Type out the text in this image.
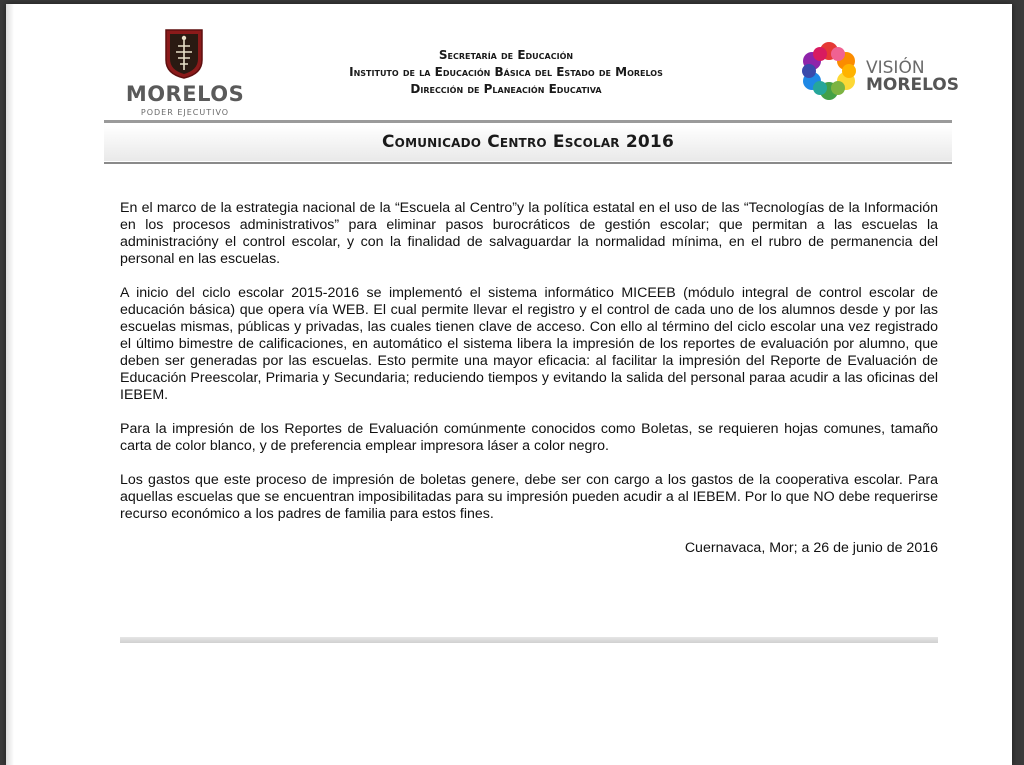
MORELOS
PODER EJECUTIVO
Secretaría de Educación
Instituto de la Educación Básica del Estado de Morelos
Dirección de Planeación Educativa
VISIÓN
MORELOS
Comunicado Centro Escolar 2016

En el marco de la estrategia nacional de la “Escuela al Centro”y la política estatal en el uso de las “Tecnologías de la Información en los procesos administrativos” para eliminar pasos burocráticos de gestión escolar; que permitan a las escuelas la administracióny el control escolar, y con la finalidad de salvaguardar la normalidad mínima, en el rubro de permanencia del personal en las escuelas.

A inicio del ciclo escolar 2015-2016 se implementó el sistema informático MICEEB (módulo integral de control escolar de educación básica) que opera vía WEB. El cual permite llevar el registro y el control de cada uno de los alumnos desde y por las escuelas mismas, públicas y privadas, las cuales tienen clave de acceso. Con ello al término del ciclo escolar una vez registrado el último bimestre de calificaciones, en automático el sistema libera la impresión de los reportes de evaluación por alumno, que deben ser generadas por las escuelas. Esto permite una mayor eficacia: al facilitar la impresión del Reporte de Evaluación de Educación Preescolar, Primaria y Secundaria; reduciendo tiempos y evitando la salida del personal paraa acudir a las oficinas del IEBEM.

Para la impresión de los Reportes de Evaluación comúnmente conocidos como Boletas, se requieren hojas comunes, tamaño carta de color blanco, y de preferencia emplear impresora láser a color negro.

Los gastos que este proceso de impresión de boletas genere, debe ser con cargo a los gastos de la cooperativa escolar. Para aquellas escuelas que se encuentran imposibilitadas para su impresión pueden acudir a al IEBEM. Por lo que NO debe requerirse recurso económico a los padres de familia para estos fines.

Cuernavaca, Mor; a 26 de junio de 2016
